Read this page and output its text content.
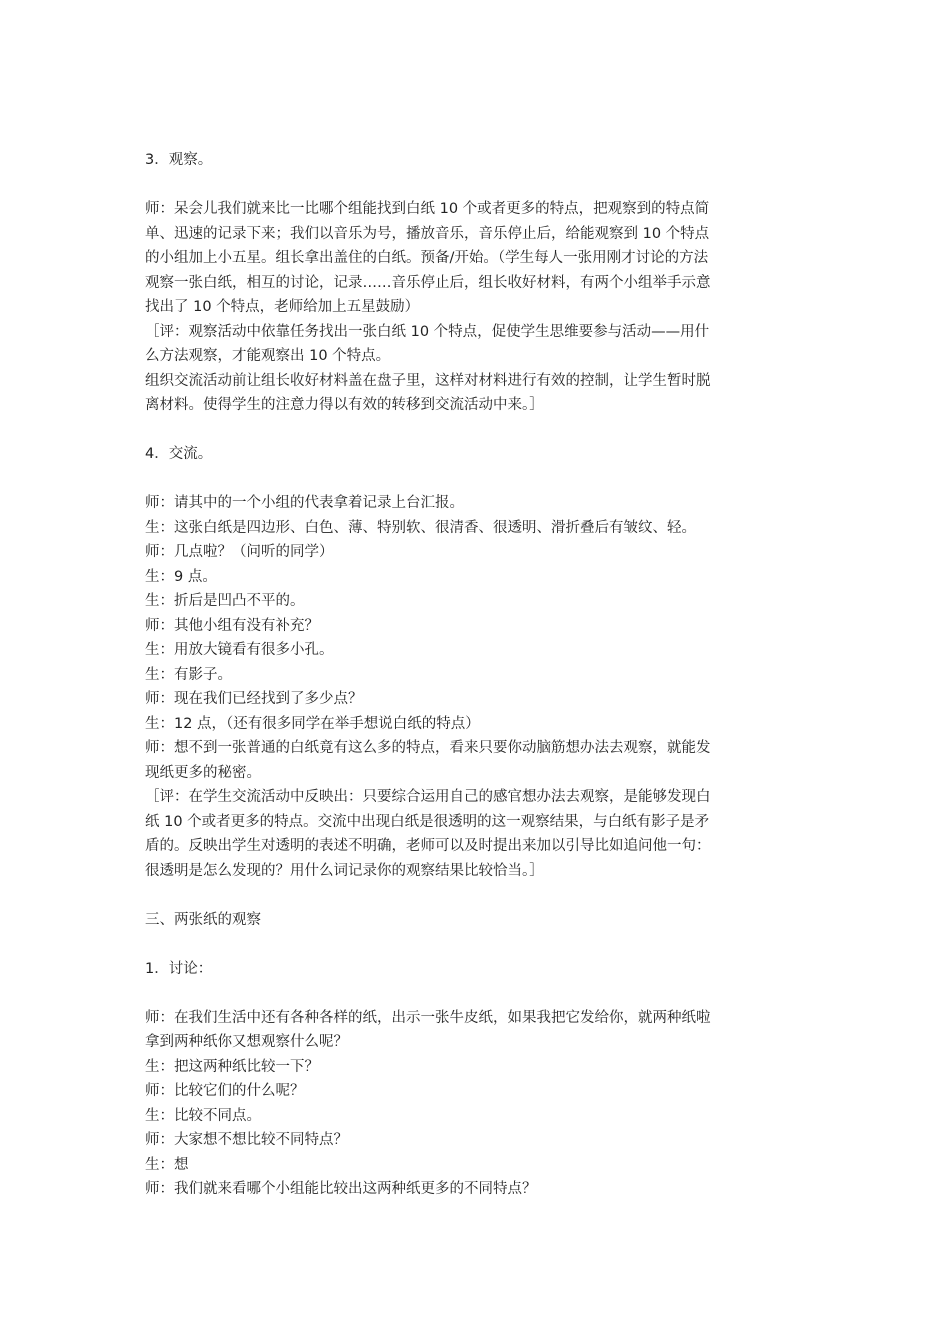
3．观察。

师：呆会儿我们就来比一比哪个组能找到白纸 10 个或者更多的特点，把观察到的特点简

单、迅速的记录下来；我们以音乐为号，播放音乐，音乐停止后，给能观察到 10 个特点

的小组加上小五星。组长拿出盖住的白纸。预备/开始。（学生每人一张用刚才讨论的方法

观察一张白纸，相互的讨论，记录……音乐停止后，组长收好材料，有两个小组举手示意

找出了 10 个特点，老师给加上五星鼓励）

［评：观察活动中依靠任务找出一张白纸 10 个特点，促使学生思维要参与活动——用什

么方法观察，才能观察出 10 个特点。

组织交流活动前让组长收好材料盖在盘子里，这样对材料进行有效的控制，让学生暂时脱

离材料。使得学生的注意力得以有效的转移到交流活动中来。］

4．交流。

师：请其中的一个小组的代表拿着记录上台汇报。

生：这张白纸是四边形、白色、薄、特别软、很清香、很透明、滑折叠后有皱纹、轻。

师：几点啦？（问听的同学）

生：9 点。

生：折后是凹凸不平的。

师：其他小组有没有补充？

生：用放大镜看有很多小孔。

生：有影子。

师：现在我们已经找到了多少点？

生：12 点，（还有很多同学在举手想说白纸的特点）

师：想不到一张普通的白纸竟有这么多的特点，看来只要你动脑筋想办法去观察，就能发

现纸更多的秘密。

［评：在学生交流活动中反映出：只要综合运用自己的感官想办法去观察，是能够发现白

纸 10 个或者更多的特点。交流中出现白纸是很透明的这一观察结果，与白纸有影子是矛

盾的。反映出学生对透明的表述不明确，老师可以及时提出来加以引导比如追问他一句：

很透明是怎么发现的？用什么词记录你的观察结果比较恰当。］

三、两张纸的观察

1．讨论：

师：在我们生活中还有各种各样的纸，出示一张牛皮纸，如果我把它发给你，就两种纸啦

拿到两种纸你又想观察什么呢？

生：把这两种纸比较一下？

师：比较它们的什么呢？

生：比较不同点。

师：大家想不想比较不同特点？

生：想

师：我们就来看哪个小组能比较出这两种纸更多的不同特点？
